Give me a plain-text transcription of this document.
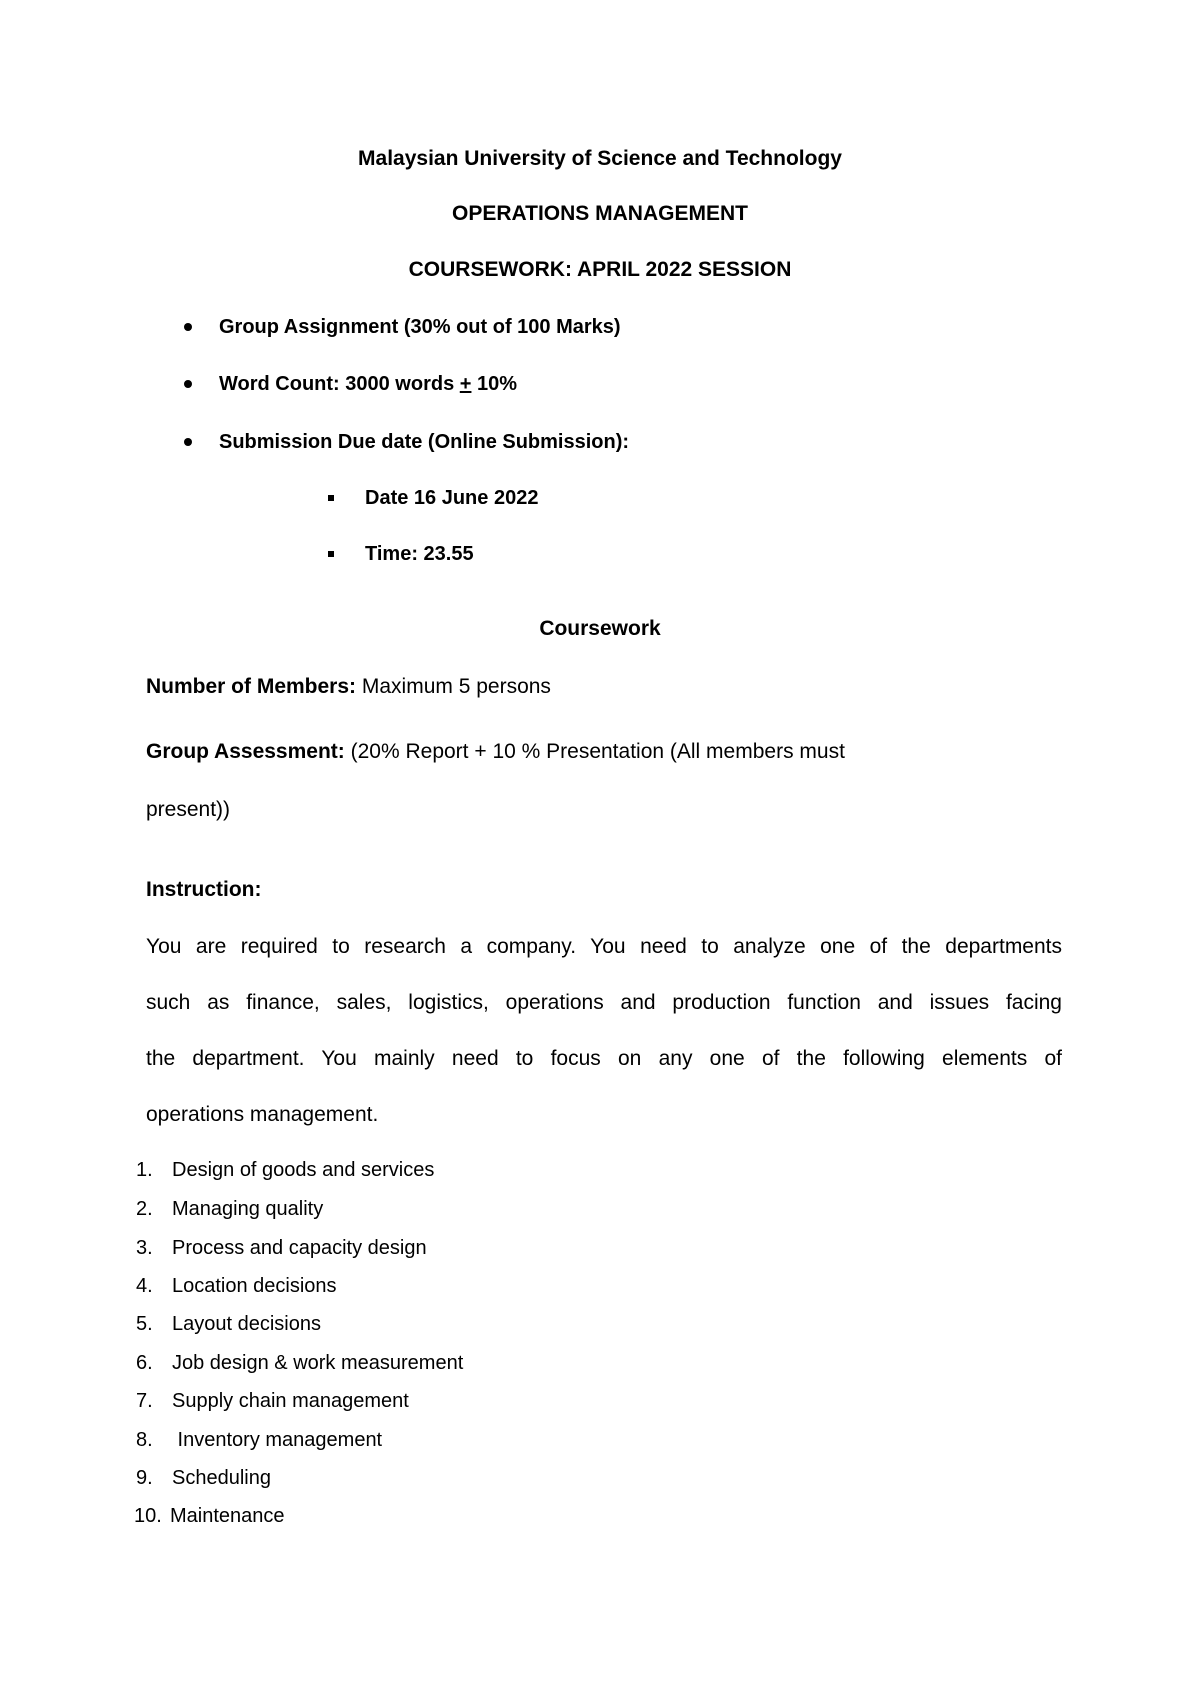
Malaysian University of Science and Technology
OPERATIONS MANAGEMENT
COURSEWORK: APRIL 2022 SESSION
Group Assignment (30% out of 100 Marks)
Word Count: 3000 words + 10%
Submission Due date (Online Submission):
Date 16 June 2022
Time: 23.55
Coursework
Number of Members: Maximum 5 persons
Group Assessment: (20% Report + 10 % Presentation (All members must
present))
Instruction:
You are required to research a company. You need to analyze one of the departments
such as finance, sales, logistics, operations and production function and issues facing
the department. You mainly need to focus on any one of the following elements of
operations management.
1. Design of goods and services
2. Managing quality
3. Process and capacity design
4. Location decisions
5. Layout decisions
6. Job design & work measurement
7. Supply chain management
8. Inventory management
9. Scheduling
10. Maintenance
